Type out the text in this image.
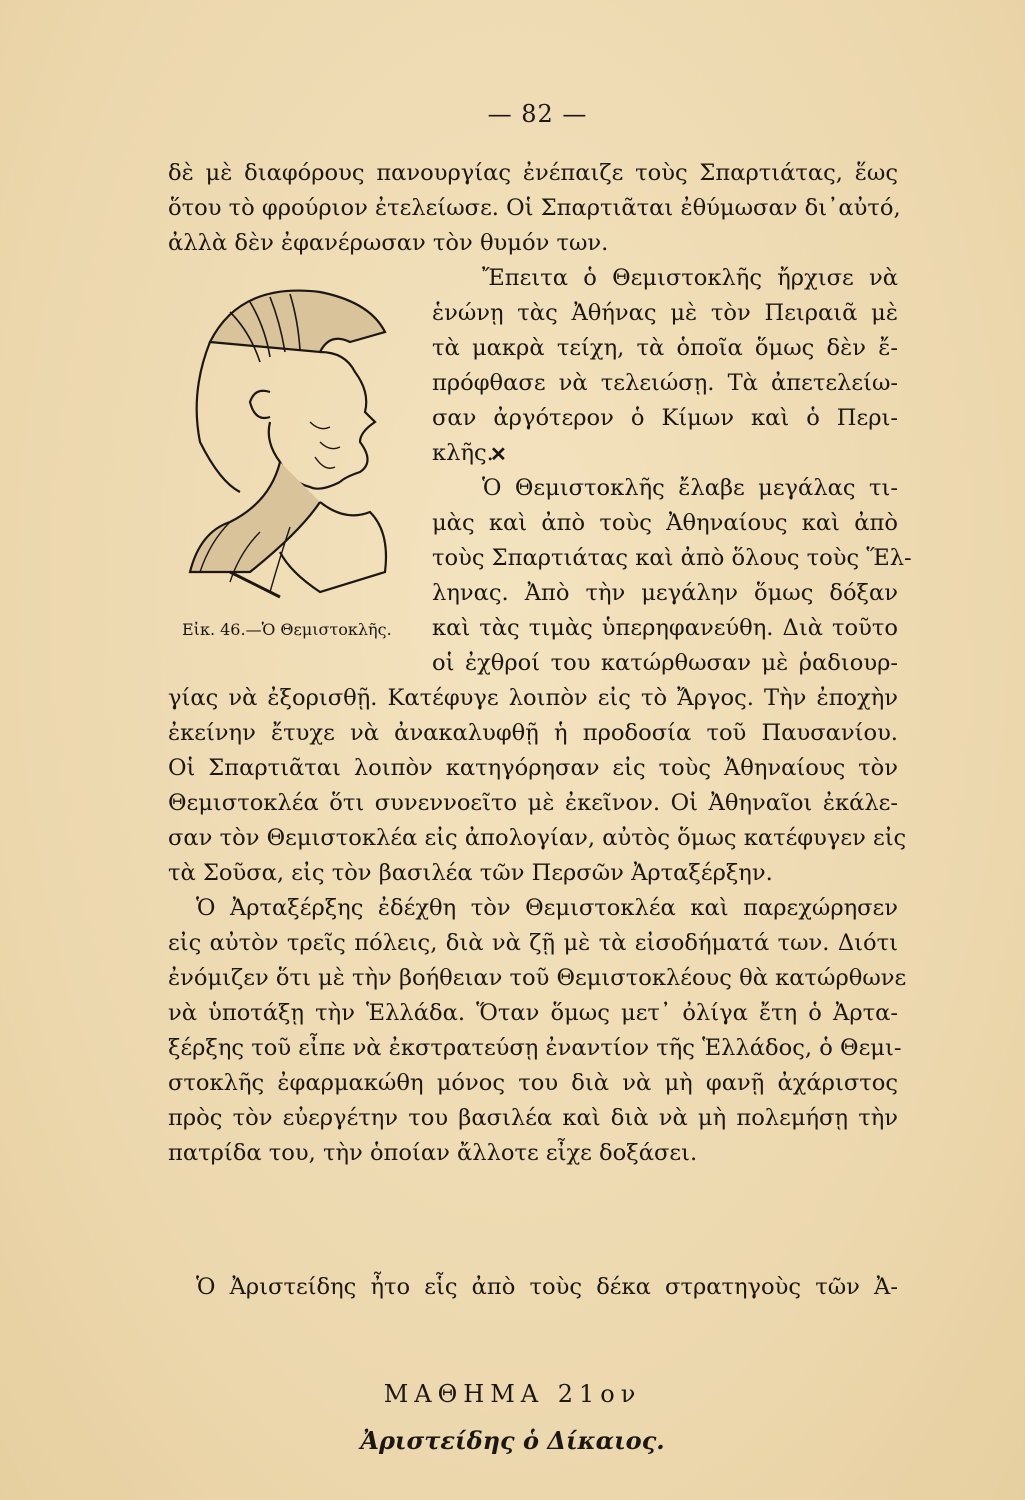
— 82 —
δὲ μὲ διαφόρους πανουργίας ἐνέπαιζε τοὺς Σπαρτιάτας, ἕως
ὅτου τὸ φρούριον ἐτελείωσε. Οἱ Σπαρτιᾶται ἐθύμωσαν δι᾽αὐτό,
ἀλλὰ δὲν ἐφανέρωσαν τὸν θυμόν των.
Ἔπειτα ὁ Θεμιστοκλῆς ἤρχισε νὰ
ἑνώνῃ τὰς Ἀθήνας μὲ τὸν Πειραιᾶ μὲ
τὰ μακρὰ τείχη, τὰ ὁποῖα ὅμως δὲν ἔ-
πρόφθασε νὰ τελειώσῃ. Τὰ ἀπετελείω-
σαν ἀργότερον ὁ Κίμων καὶ ὁ Περι-
κλῆς.
✕
Ὁ Θεμιστοκλῆς ἔλαβε μεγάλας τι-
μὰς καὶ ἀπὸ τοὺς Ἀθηναίους καὶ ἀπὸ
τοὺς Σπαρτιάτας καὶ ἀπὸ ὅλους τοὺς Ἕλ-
ληνας. Ἀπὸ τὴν μεγάλην ὅμως δόξαν
καὶ τὰς τιμὰς ὑπερηφανεύθη. Διὰ τοῦτο
οἱ ἐχθροί του κατώρθωσαν μὲ ῥαδιουρ-
Εἰκ. 46.—Ὁ Θεμιστοκλῆς.
γίας νὰ ἐξορισθῇ. Κατέφυγε λοιπὸν εἰς τὸ Ἄργος. Τὴν ἐποχὴν
ἐκείνην ἔτυχε νὰ ἀνακαλυφθῇ ἡ προδοσία τοῦ Παυσανίου.
Οἱ Σπαρτιᾶται λοιπὸν κατηγόρησαν εἰς τοὺς Ἀθηναίους τὸν
Θεμιστοκλέα ὅτι συνεννοεῖτο μὲ ἐκεῖνον. Οἱ Ἀθηναῖοι ἐκάλε-
σαν τὸν Θεμιστοκλέα εἰς ἀπολογίαν, αὐτὸς ὅμως κατέφυγεν εἰς
τὰ Σοῦσα, εἰς τὸν βασιλέα τῶν Περσῶν Ἀρταξέρξην.
Ὁ Ἀρταξέρξης ἐδέχθη τὸν Θεμιστοκλέα καὶ παρεχώρησεν
εἰς αὐτὸν τρεῖς πόλεις, διὰ νὰ ζῇ μὲ τὰ εἰσοδήματά των. Διότι
ἐνόμιζεν ὅτι μὲ τὴν βοήθειαν τοῦ Θεμιστοκλέους θὰ κατώρθωνε
νὰ ὑποτάξῃ τὴν Ἑλλάδα. Ὅταν ὅμως μετ᾽ ὀλίγα ἔτη ὁ Ἀρτα-
ξέρξης τοῦ εἶπε νὰ ἐκστρατεύσῃ ἐναντίον τῆς Ἑλλάδος, ὁ Θεμι-
στοκλῆς ἐφαρμακώθη μόνος του διὰ νὰ μὴ φανῇ ἀχάριστος
πρὸς τὸν εὐεργέτην του βασιλέα καὶ διὰ νὰ μὴ πολεμήσῃ τὴν
πατρίδα του, τὴν ὁποίαν ἄλλοτε εἶχε δοξάσει.
ΜΑΘΗΜΑ 21ον
Ἀριστείδης ὁ Δίκαιος.
Ὁ Ἀριστείδης ἦτο εἷς ἀπὸ τοὺς δέκα στρατηγοὺς τῶν Ἀ-
